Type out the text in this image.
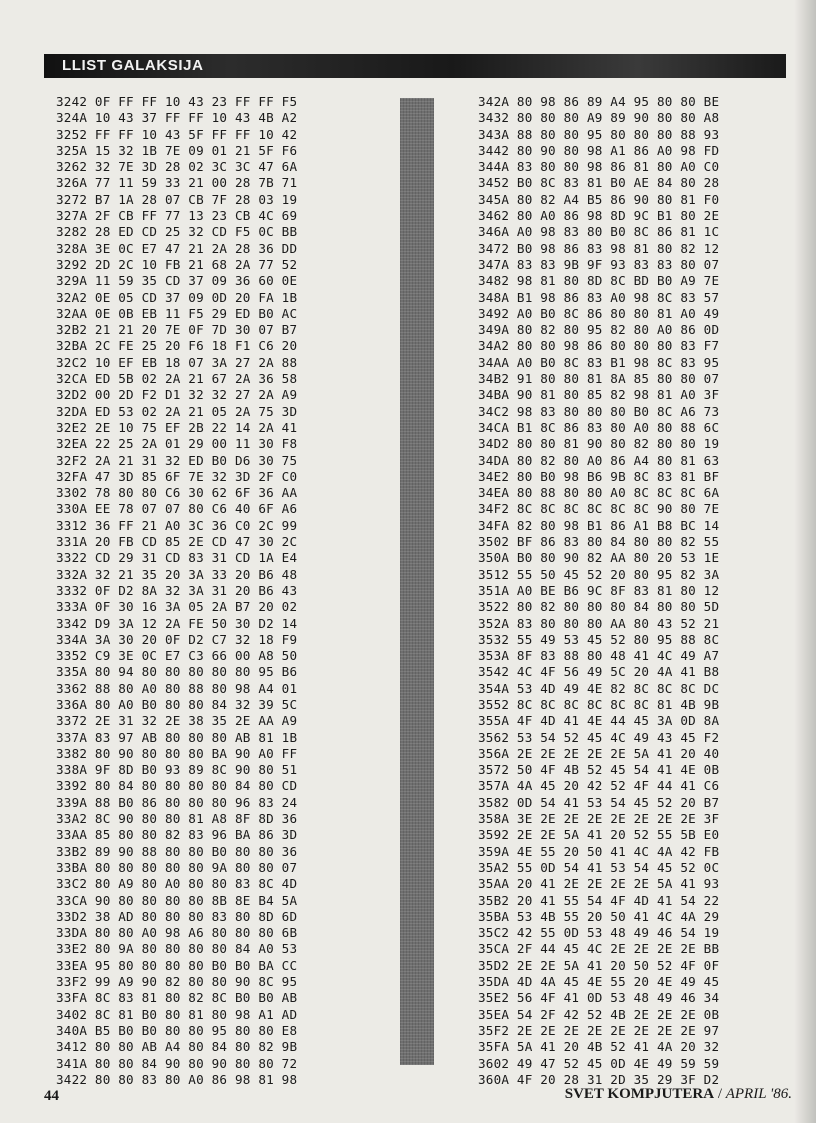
LLIST GALAKSIJA
3242 0F FF FF 10 43 23 FF FF F5
324A 10 43 37 FF FF 10 43 4B A2
3252 FF FF 10 43 5F FF FF 10 42
325A 15 32 1B 7E 09 01 21 5F F6
3262 32 7E 3D 28 02 3C 3C 47 6A
326A 77 11 59 33 21 00 28 7B 71
3272 B7 1A 28 07 CB 7F 28 03 19
327A 2F CB FF 77 13 23 CB 4C 69
3282 28 ED CD 25 32 CD F5 0C BB
328A 3E 0C E7 47 21 2A 28 36 DD
3292 2D 2C 10 FB 21 68 2A 77 52
329A 11 59 35 CD 37 09 36 60 0E
32A2 0E 05 CD 37 09 0D 20 FA 1B
32AA 0E 0B EB 11 F5 29 ED B0 AC
32B2 21 21 20 7E 0F 7D 30 07 B7
32BA 2C FE 25 20 F6 18 F1 C6 20
32C2 10 EF EB 18 07 3A 27 2A 88
32CA ED 5B 02 2A 21 67 2A 36 58
32D2 00 2D F2 D1 32 32 27 2A A9
32DA ED 53 02 2A 21 05 2A 75 3D
32E2 2E 10 75 EF 2B 22 14 2A 41
32EA 22 25 2A 01 29 00 11 30 F8
32F2 2A 21 31 32 ED B0 D6 30 75
32FA 47 3D 85 6F 7E 32 3D 2F C0
3302 78 80 80 C6 30 62 6F 36 AA
330A EE 78 07 07 80 C6 40 6F A6
3312 36 FF 21 A0 3C 36 C0 2C 99
331A 20 FB CD 85 2E CD 47 30 2C
3322 CD 29 31 CD 83 31 CD 1A E4
332A 32 21 35 20 3A 33 20 B6 48
3332 0F D2 8A 32 3A 31 20 B6 43
333A 0F 30 16 3A 05 2A B7 20 02
3342 D9 3A 12 2A FE 50 30 D2 14
334A 3A 30 20 0F D2 C7 32 18 F9
3352 C9 3E 0C E7 C3 66 00 A8 50
335A 80 94 80 80 80 80 80 95 B6
3362 88 80 A0 80 88 80 98 A4 01
336A 80 A0 B0 80 80 84 32 39 5C
3372 2E 31 32 2E 38 35 2E AA A9
337A 83 97 AB 80 80 80 AB 81 1B
3382 80 90 80 80 80 BA 90 A0 FF
338A 9F 8D B0 93 89 8C 90 80 51
3392 80 84 80 80 80 80 84 80 CD
339A 88 B0 86 80 80 80 96 83 24
33A2 8C 90 80 80 81 A8 8F 8D 36
33AA 85 80 80 82 83 96 BA 86 3D
33B2 89 90 88 80 80 B0 80 80 36
33BA 80 80 80 80 80 9A 80 80 07
33C2 80 A9 80 A0 80 80 83 8C 4D
33CA 90 80 80 80 80 8B 8E B4 5A
33D2 38 AD 80 80 80 83 80 8D 6D
33DA 80 80 A0 98 A6 80 80 80 6B
33E2 80 9A 80 80 80 80 84 A0 53
33EA 95 80 80 80 80 B0 B0 BA CC
33F2 99 A9 90 82 80 80 90 8C 95
33FA 8C 83 81 80 82 8C B0 B0 AB
3402 8C 81 B0 80 81 80 98 A1 AD
340A B5 B0 B0 80 80 95 80 80 E8
3412 80 80 AB A4 80 84 80 82 9B
341A 80 80 84 90 80 90 80 80 72
3422 80 80 83 80 A0 86 98 81 98
342A 80 98 86 89 A4 95 80 80 BE
3432 80 80 80 A9 89 90 80 80 A8
343A 88 80 80 95 80 80 80 88 93
3442 80 90 80 98 A1 86 A0 98 FD
344A 83 80 80 98 86 81 80 A0 C0
3452 B0 8C 83 81 B0 AE 84 80 28
345A 80 82 A4 B5 86 90 80 81 F0
3462 80 A0 86 98 8D 9C B1 80 2E
346A A0 98 83 80 B0 8C 86 81 1C
3472 B0 98 86 83 98 81 80 82 12
347A 83 83 9B 9F 93 83 83 80 07
3482 98 81 80 8D 8C BD B0 A9 7E
348A B1 98 86 83 A0 98 8C 83 57
3492 A0 B0 8C 86 80 80 81 A0 49
349A 80 82 80 95 82 80 A0 86 0D
34A2 80 80 98 86 80 80 80 83 F7
34AA A0 B0 8C 83 B1 98 8C 83 95
34B2 91 80 80 81 8A 85 80 80 07
34BA 90 81 80 85 82 98 81 A0 3F
34C2 98 83 80 80 80 B0 8C A6 73
34CA B1 8C 86 83 80 A0 80 88 6C
34D2 80 80 81 90 80 82 80 80 19
34DA 80 82 80 A0 86 A4 80 81 63
34E2 80 B0 98 B6 9B 8C 83 81 BF
34EA 80 88 80 80 A0 8C 8C 8C 6A
34F2 8C 8C 8C 8C 8C 8C 90 80 7E
34FA 82 80 98 B1 86 A1 B8 BC 14
3502 BF 86 83 80 84 80 80 82 55
350A B0 80 90 82 AA 80 20 53 1E
3512 55 50 45 52 20 80 95 82 3A
351A A0 BE B6 9C 8F 83 81 80 12
3522 80 82 80 80 80 84 80 80 5D
352A 83 80 80 80 AA 80 43 52 21
3532 55 49 53 45 52 80 95 88 8C
353A 8F 83 88 80 48 41 4C 49 A7
3542 4C 4F 56 49 5C 20 4A 41 B8
354A 53 4D 49 4E 82 8C 8C 8C DC
3552 8C 8C 8C 8C 8C 8C 81 4B 9B
355A 4F 4D 41 4E 44 45 3A 0D 8A
3562 53 54 52 45 4C 49 43 45 F2
356A 2E 2E 2E 2E 2E 5A 41 20 40
3572 50 4F 4B 52 45 54 41 4E 0B
357A 4A 45 20 42 52 4F 44 41 C6
3582 0D 54 41 53 54 45 52 20 B7
358A 3E 2E 2E 2E 2E 2E 2E 2E 3F
3592 2E 2E 5A 41 20 52 55 5B E0
359A 4E 55 20 50 41 4C 4A 42 FB
35A2 55 0D 54 41 53 54 45 52 0C
35AA 20 41 2E 2E 2E 2E 5A 41 93
35B2 20 41 55 54 4F 4D 41 54 22
35BA 53 4B 55 20 50 41 4C 4A 29
35C2 42 55 0D 53 48 49 46 54 19
35CA 2F 44 45 4C 2E 2E 2E 2E BB
35D2 2E 2E 5A 41 20 50 52 4F 0F
35DA 4D 4A 45 4E 55 20 4E 49 45
35E2 56 4F 41 0D 53 48 49 46 34
35EA 54 2F 42 52 4B 2E 2E 2E 0B
35F2 2E 2E 2E 2E 2E 2E 2E 2E 97
35FA 5A 41 20 4B 52 41 4A 20 32
3602 49 47 52 45 0D 4E 49 59 59
360A 4F 20 28 31 2D 35 29 3F D2
44	SVET KOMPJUTERA / APRIL '86.
